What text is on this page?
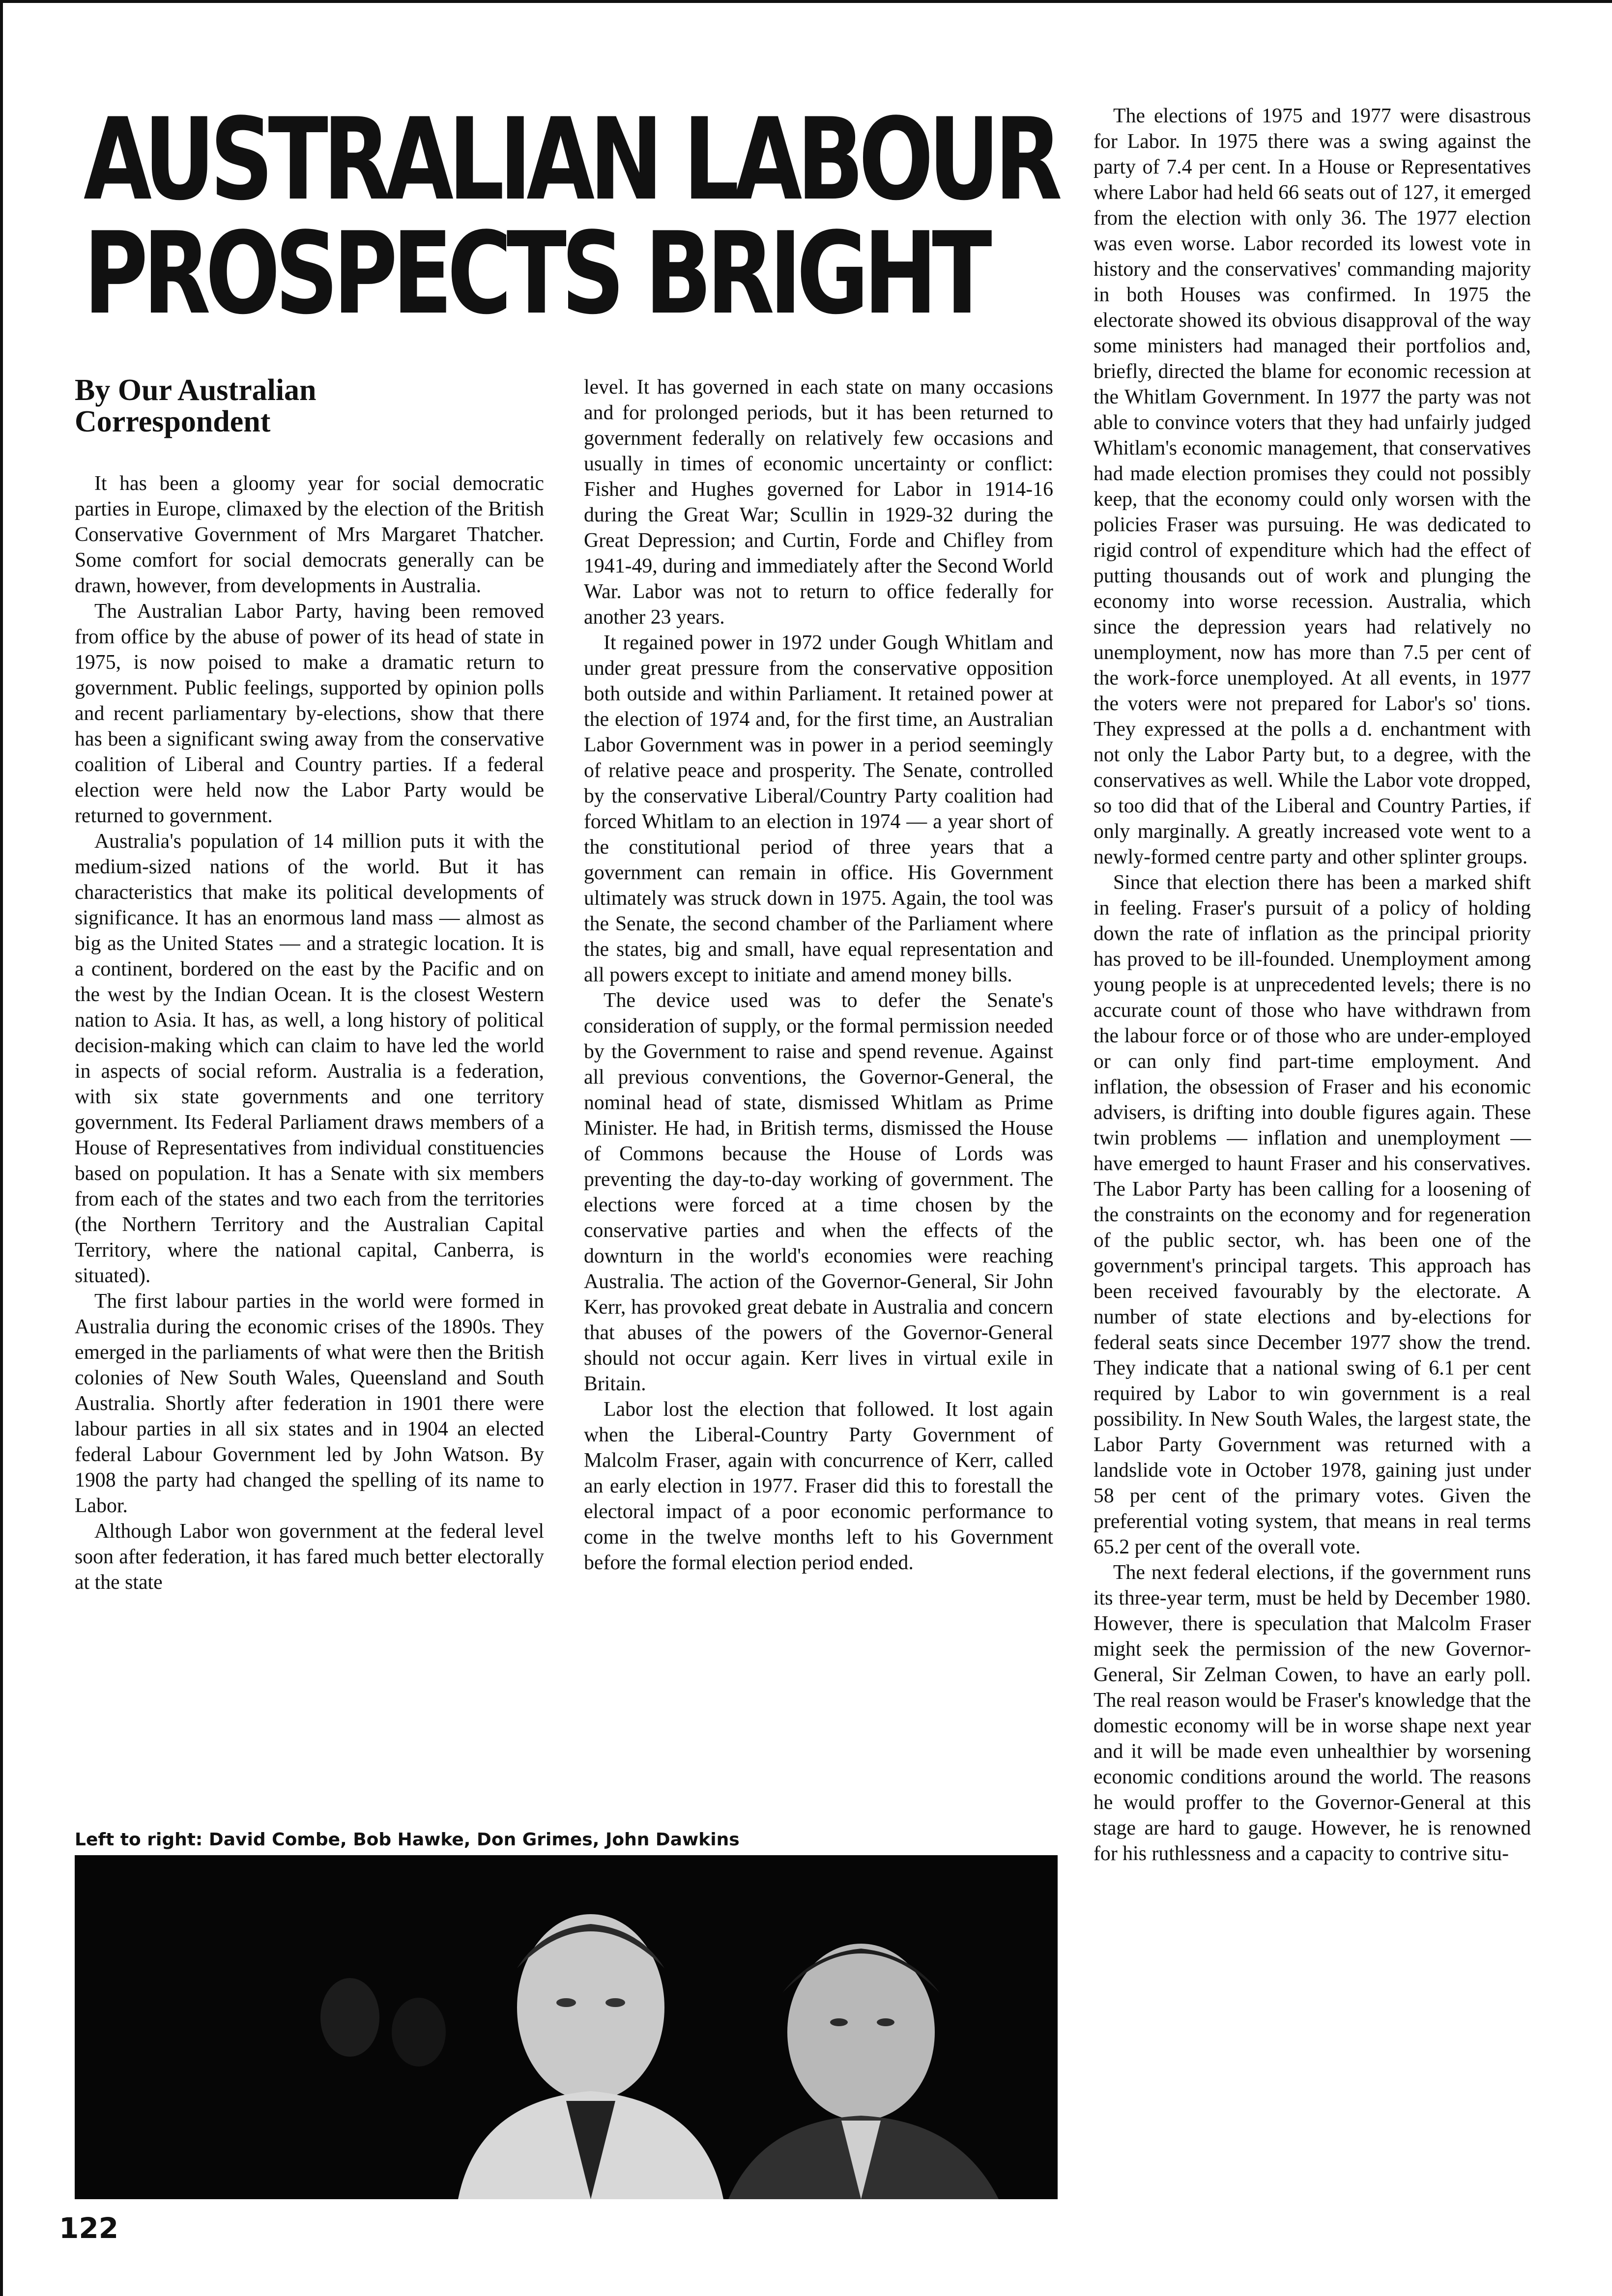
AUSTRALIAN LABOUR
PROSPECTS BRIGHT
By Our Australian
Correspondent

It has been a gloomy year for social democratic parties in Europe, climaxed by the election of the British Conservative Government of Mrs Margaret Thatcher. Some comfort for social democrats generally can be drawn, however, from developments in Australia.

The Australian Labor Party, having been removed from office by the abuse of power of its head of state in 1975, is now poised to make a dramatic return to government. Public feelings, supported by opinion polls and recent parliamentary by-elections, show that there has been a significant swing away from the conservative coalition of Liberal and Country parties. If a federal election were held now the Labor Party would be returned to government.

Australia's population of 14 million puts it with the medium-sized nations of the world. But it has characteristics that make its political developments of significance. It has an enormous land mass — almost as big as the United States — and a strategic location. It is a continent, bordered on the east by the Pacific and on the west by the Indian Ocean. It is the closest Western nation to Asia. It has, as well, a long history of political decision-making which can claim to have led the world in aspects of social reform. Australia is a federation, with six state governments and one territory government. Its Federal Parliament draws members of a House of Representatives from individual constituencies based on population. It has a Senate with six members from each of the states and two each from the territories (the Northern Territory and the Australian Capital Territory, where the national capital, Canberra, is situated).

The first labour parties in the world were formed in Australia during the economic crises of the 1890s. They emerged in the parliaments of what were then the British colonies of New South Wales, Queensland and South Australia. Shortly after federation in 1901 there were labour parties in all six states and in 1904 an elected federal Labour Government led by John Watson. By 1908 the party had changed the spelling of its name to Labor.

Although Labor won government at the federal level soon after federation, it has fared much better electorally at the state

level. It has governed in each state on many occasions and for prolonged periods, but it has been returned to government federally on relatively few occasions and usually in times of economic uncertainty or conflict: Fisher and Hughes governed for Labor in 1914-16 during the Great War; Scullin in 1929-32 during the Great Depression; and Curtin, Forde and Chifley from 1941-49, during and immediately after the Second World War. Labor was not to return to office federally for another 23 years.

It regained power in 1972 under Gough Whitlam and under great pressure from the conservative opposition both outside and within Parliament. It retained power at the election of 1974 and, for the first time, an Australian Labor Government was in power in a period seemingly of relative peace and prosperity. The Senate, controlled by the conservative Liberal/Country Party coalition had forced Whitlam to an election in 1974 — a year short of the constitutional period of three years that a government can remain in office. His Government ultimately was struck down in 1975. Again, the tool was the Senate, the second chamber of the Parliament where the states, big and small, have equal representation and all powers except to initiate and amend money bills.

The device used was to defer the Senate's consideration of supply, or the formal permission needed by the Government to raise and spend revenue. Against all previous conventions, the Governor-General, the nominal head of state, dismissed Whitlam as Prime Minister. He had, in British terms, dismissed the House of Commons because the House of Lords was preventing the day-to-day working of government. The elections were forced at a time chosen by the conservative parties and when the effects of the downturn in the world's economies were reaching Australia. The action of the Governor-General, Sir John Kerr, has provoked great debate in Australia and concern that abuses of the powers of the Governor-General should not occur again. Kerr lives in virtual exile in Britain.

Labor lost the election that followed. It lost again when the Liberal-Country Party Government of Malcolm Fraser, again with concurrence of Kerr, called an early election in 1977. Fraser did this to forestall the electoral impact of a poor economic performance to come in the twelve months left to his Government before the formal election period ended.

The elections of 1975 and 1977 were disastrous for Labor. In 1975 there was a swing against the party of 7.4 per cent. In a House or Representatives where Labor had held 66 seats out of 127, it emerged from the election with only 36. The 1977 election was even worse. Labor recorded its lowest vote in history and the conservatives' commanding majority in both Houses was confirmed. In 1975 the electorate showed its obvious disapproval of the way some ministers had managed their portfolios and, briefly, directed the blame for economic recession at the Whitlam Government. In 1977 the party was not able to convince voters that they had unfairly judged Whitlam's economic management, that conservatives had made election promises they could not possibly keep, that the economy could only worsen with the policies Fraser was pursuing. He was dedicated to rigid control of expenditure which had the effect of putting thousands out of work and plunging the economy into worse recession. Australia, which since the depression years had relatively no unemployment, now has more than 7.5 per cent of the work-force unemployed. At all events, in 1977 the voters were not prepared for Labor's so' tions. They expressed at the polls a d. enchantment with not only the Labor Party but, to a degree, with the conservatives as well. While the Labor vote dropped, so too did that of the Liberal and Country Parties, if only marginally. A greatly increased vote went to a newly-formed centre party and other splinter groups.

Since that election there has been a marked shift in feeling. Fraser's pursuit of a policy of holding down the rate of inflation as the principal priority has proved to be ill-founded. Unemployment among young people is at unprecedented levels; there is no accurate count of those who have withdrawn from the labour force or of those who are under-employed or can only find part-time employment. And inflation, the obsession of Fraser and his economic advisers, is drifting into double figures again. These twin problems — inflation and unemployment — have emerged to haunt Fraser and his conservatives. The Labor Party has been calling for a loosening of the constraints on the economy and for regeneration of the public sector, wh. has been one of the government's principal targets. This approach has been received favourably by the electorate. A number of state elections and by-elections for federal seats since December 1977 show the trend. They indicate that a national swing of 6.1 per cent required by Labor to win government is a real possibility. In New South Wales, the largest state, the Labor Party Government was returned with a landslide vote in October 1978, gaining just under 58 per cent of the primary votes. Given the preferential voting system, that means in real terms 65.2 per cent of the overall vote.

The next federal elections, if the government runs its three-year term, must be held by December 1980. However, there is speculation that Malcolm Fraser might seek the permission of the new Governor-General, Sir Zelman Cowen, to have an early poll. The real reason would be Fraser's knowledge that the domestic economy will be in worse shape next year and it will be made even unhealthier by worsening economic conditions around the world. The reasons he would proffer to the Governor-General at this stage are hard to gauge. However, he is renowned for his ruthlessness and a capacity to contrive situ-

Left to right: David Combe, Bob Hawke, Don Grimes, John Dawkins
122
